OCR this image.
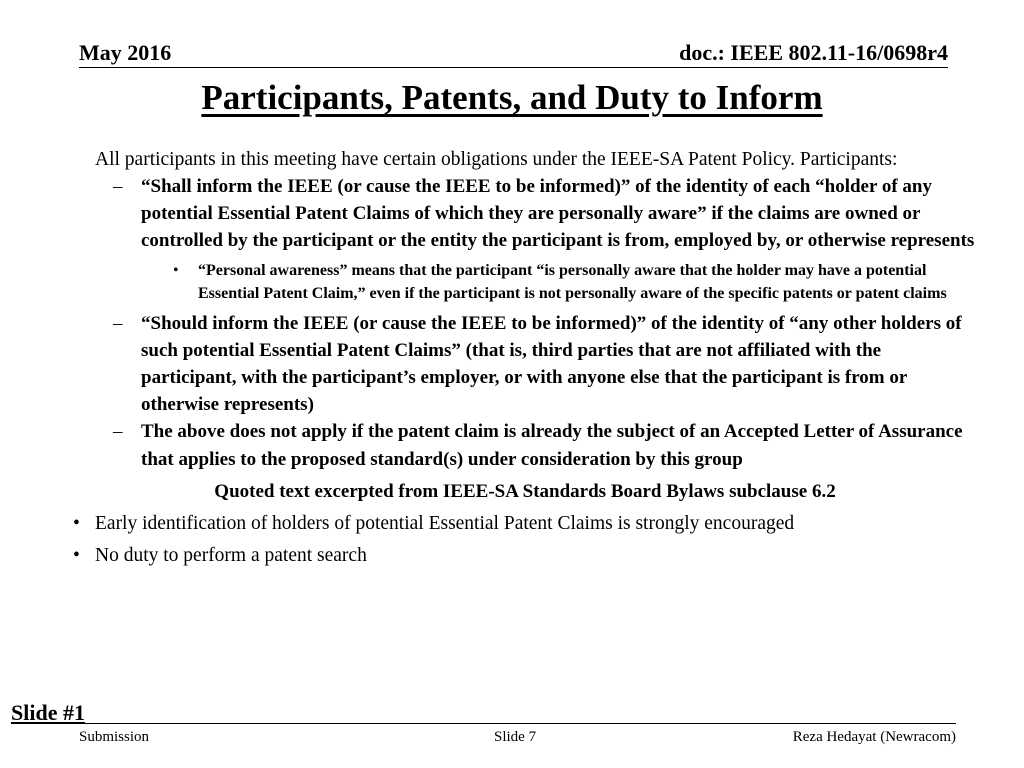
May 2016	doc.: IEEE 802.11-16/0698r4
Participants, Patents, and Duty to Inform
All participants in this meeting have certain obligations under the IEEE-SA Patent Policy. Participants:
– “Shall inform the IEEE (or cause the IEEE to be informed)” of the identity of each “holder of any potential Essential Patent Claims of which they are personally aware” if the claims are owned or controlled by the participant or the entity the participant is from, employed by, or otherwise represents
• “Personal awareness” means that the participant “is personally aware that the holder may have a potential Essential Patent Claim,” even if the participant is not personally aware of the specific patents or patent claims
– “Should inform the IEEE (or cause the IEEE to be informed)” of the identity of “any other holders of such potential Essential Patent Claims” (that is, third parties that are not affiliated with the participant, with the participant’s employer, or with anyone else that the participant is from or otherwise represents)
– The above does not apply if the patent claim is already the subject of an Accepted Letter of Assurance that applies to the proposed standard(s) under consideration by this group
Quoted text excerpted from IEEE-SA Standards Board Bylaws subclause 6.2
• Early identification of holders of potential Essential Patent Claims is strongly encouraged
• No duty to perform a patent search
Slide #1
Submission	Slide 7	Reza Hedayat (Newracom)
